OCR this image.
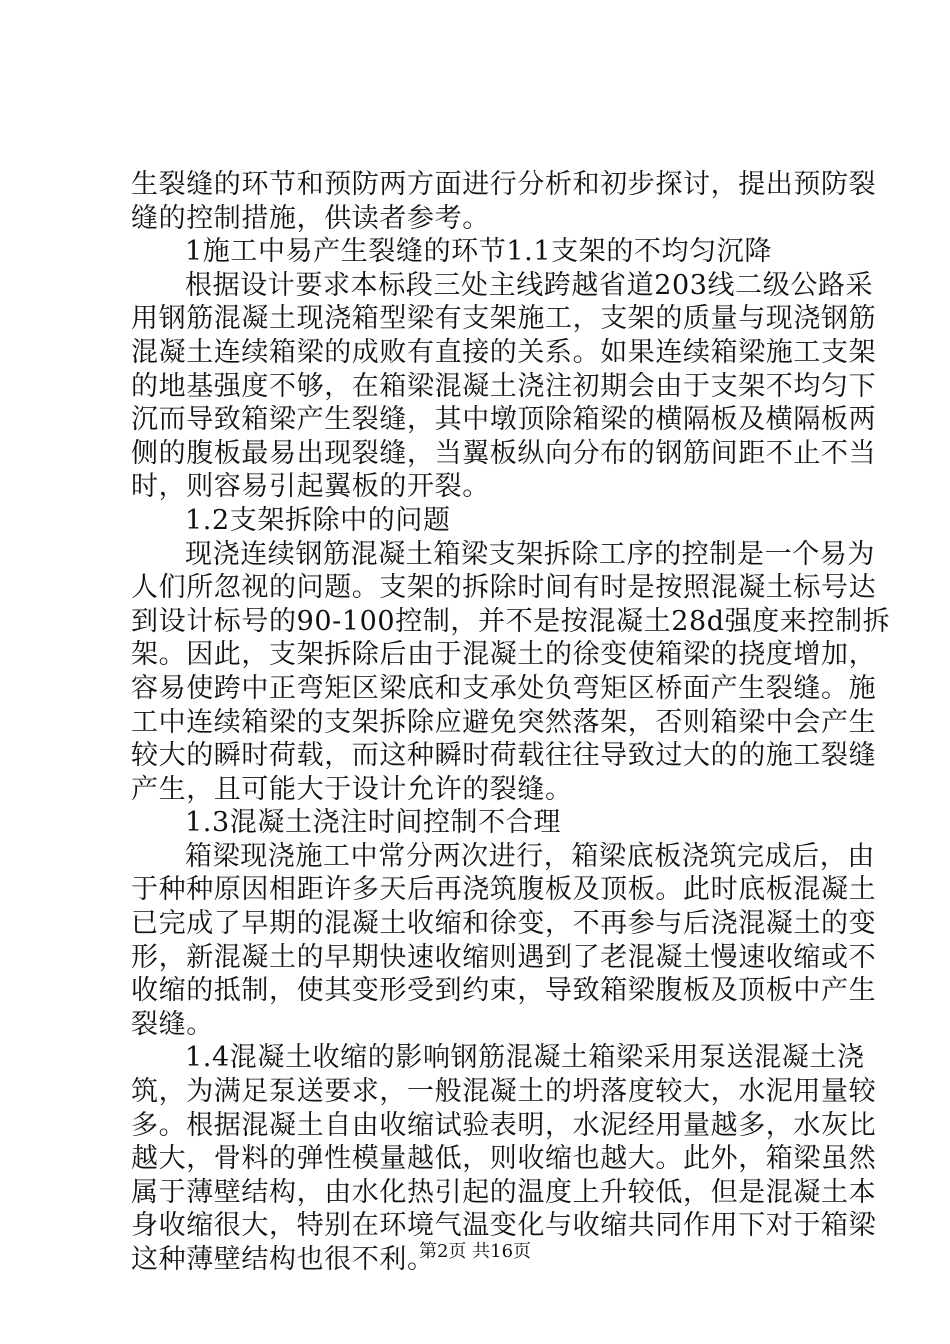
生裂缝的环节和预防两方面进行分析和初步探讨，提出预防裂
缝的控制措施，供读者参考。
1施工中易产生裂缝的环节1.1支架的不均匀沉降
根据设计要求本标段三处主线跨越省道203线二级公路采
用钢筋混凝土现浇箱型梁有支架施工，支架的质量与现浇钢筋
混凝土连续箱梁的成败有直接的关系。如果连续箱梁施工支架
的地基强度不够，在箱梁混凝土浇注初期会由于支架不均匀下
沉而导致箱梁产生裂缝，其中墩顶除箱梁的横隔板及横隔板两
侧的腹板最易出现裂缝，当翼板纵向分布的钢筋间距不止不当
时，则容易引起翼板的开裂。
1.2支架拆除中的问题
现浇连续钢筋混凝土箱梁支架拆除工序的控制是一个易为
人们所忽视的问题。支架的拆除时间有时是按照混凝土标号达
到设计标号的90-100控制，并不是按混凝土28d强度来控制拆
架。因此，支架拆除后由于混凝土的徐变使箱梁的挠度增加，
容易使跨中正弯矩区梁底和支承处负弯矩区桥面产生裂缝。施
工中连续箱梁的支架拆除应避免突然落架，否则箱梁中会产生
较大的瞬时荷载，而这种瞬时荷载往往导致过大的的施工裂缝
产生，且可能大于设计允许的裂缝。
1.3混凝土浇注时间控制不合理
箱梁现浇施工中常分两次进行，箱梁底板浇筑完成后，由
于种种原因相距许多天后再浇筑腹板及顶板。此时底板混凝土
已完成了早期的混凝土收缩和徐变，不再参与后浇混凝土的变
形，新混凝土的早期快速收缩则遇到了老混凝土慢速收缩或不
收缩的抵制，使其变形受到约束，导致箱梁腹板及顶板中产生
裂缝。
1.4混凝土收缩的影响钢筋混凝土箱梁采用泵送混凝土浇
筑，为满足泵送要求，一般混凝土的坍落度较大，水泥用量较
多。根据混凝土自由收缩试验表明，水泥经用量越多，水灰比
越大，骨料的弹性模量越低，则收缩也越大。此外，箱梁虽然
属于薄壁结构，由水化热引起的温度上升较低，但是混凝土本
身收缩很大，特别在环境气温变化与收缩共同作用下对于箱梁
这种薄壁结构也很不利。
第2页 共16页
